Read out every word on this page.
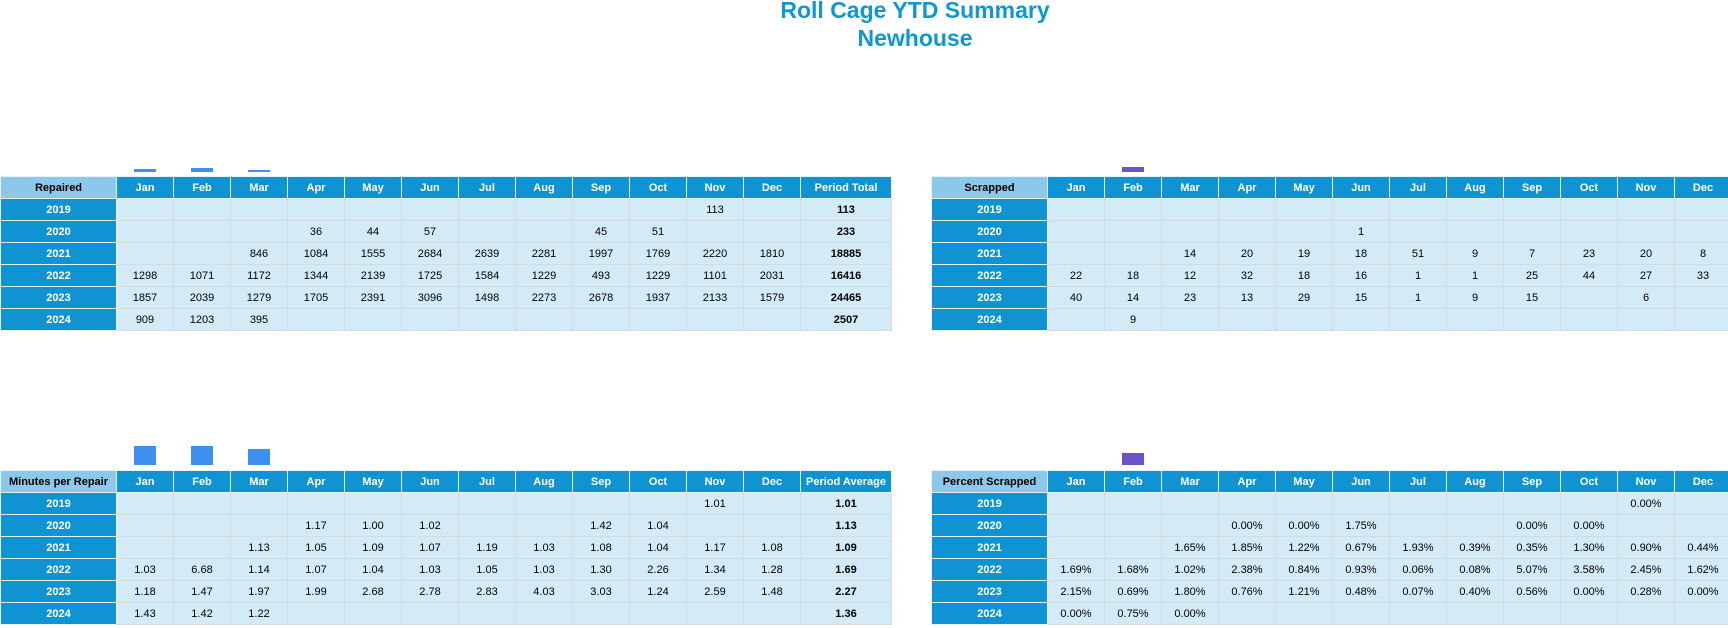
Roll Cage YTD Summary
Newhouse
Repaired	Jan	Feb	Mar	Apr	May	Jun	Jul	Aug	Sep	Oct	Nov	Dec	Period Total
2019											113		113
2020				36	44	57			45	51			233
2021			846	1084	1555	2684	2639	2281	1997	1769	2220	1810	18885
2022	1298	1071	1172	1344	2139	1725	1584	1229	493	1229	1101	2031	16416
2023	1857	2039	1279	1705	2391	3096	1498	2273	2678	1937	2133	1579	24465
2024	909	1203	395										2507
Scrapped	Jan	Feb	Mar	Apr	May	Jun	Jul	Aug	Sep	Oct	Nov	Dec
2019												
2020						1						
2021			14	20	19	18	51	9	7	23	20	8
2022	22	18	12	32	18	16	1	1	25	44	27	33
2023	40	14	23	13	29	15	1	9	15		6	
2024		9										
Minutes per Repair	Jan	Feb	Mar	Apr	May	Jun	Jul	Aug	Sep	Oct	Nov	Dec	Period Average
2019											1.01		1.01
2020				1.17	1.00	1.02			1.42	1.04			1.13
2021			1.13	1.05	1.09	1.07	1.19	1.03	1.08	1.04	1.17	1.08	1.09
2022	1.03	6.68	1.14	1.07	1.04	1.03	1.05	1.03	1.30	2.26	1.34	1.28	1.69
2023	1.18	1.47	1.97	1.99	2.68	2.78	2.83	4.03	3.03	1.24	2.59	1.48	2.27
2024	1.43	1.42	1.22										1.36
Percent Scrapped	Jan	Feb	Mar	Apr	May	Jun	Jul	Aug	Sep	Oct	Nov	Dec
2019											0.00%	
2020				0.00%	0.00%	1.75%			0.00%	0.00%		
2021			1.65%	1.85%	1.22%	0.67%	1.93%	0.39%	0.35%	1.30%	0.90%	0.44%
2022	1.69%	1.68%	1.02%	2.38%	0.84%	0.93%	0.06%	0.08%	5.07%	3.58%	2.45%	1.62%
2023	2.15%	0.69%	1.80%	0.76%	1.21%	0.48%	0.07%	0.40%	0.56%	0.00%	0.28%	0.00%
2024	0.00%	0.75%	0.00%									
